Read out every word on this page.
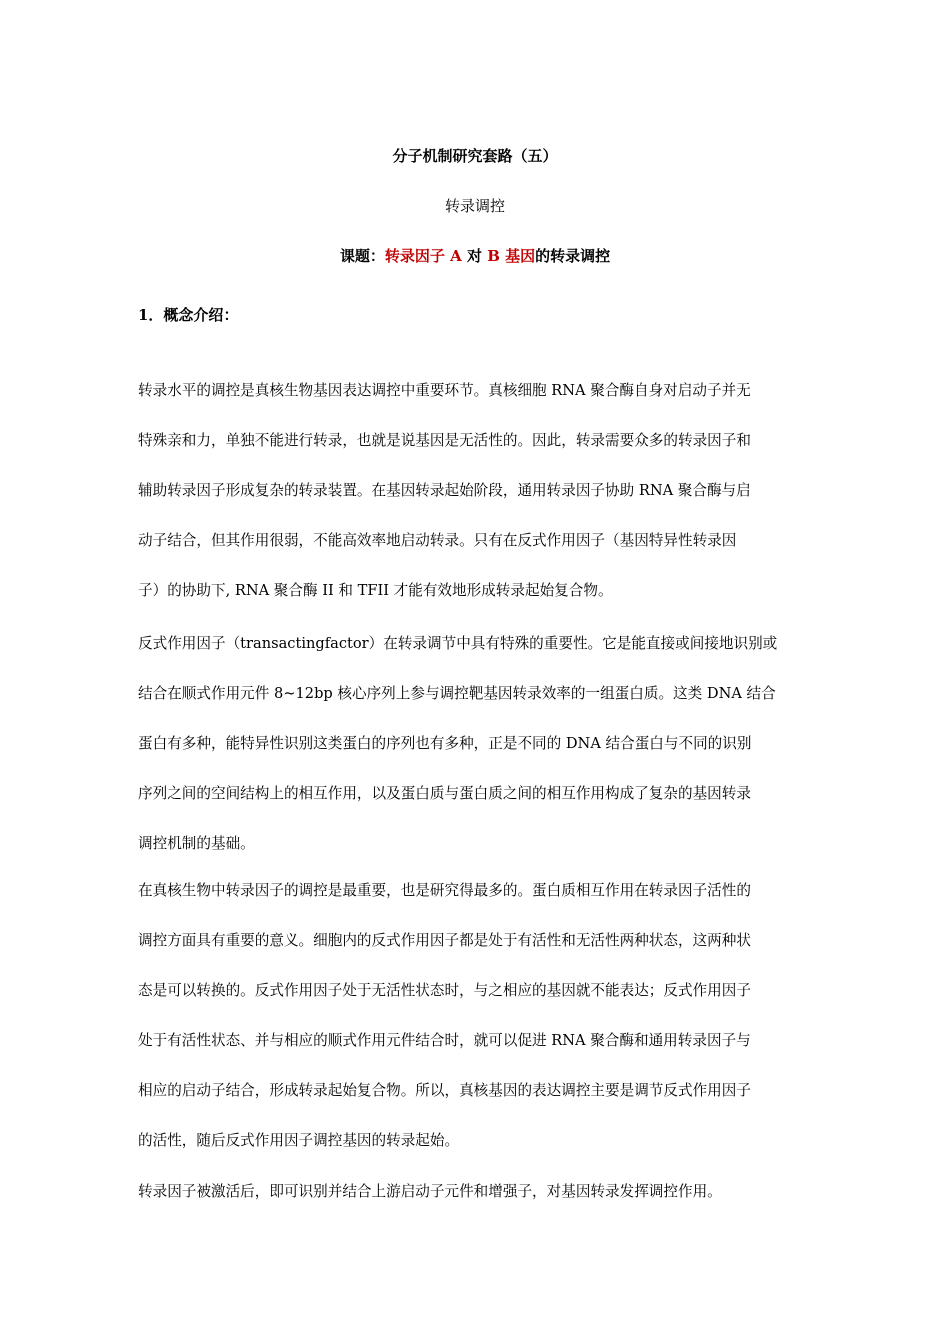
分子机制研究套路（五）
转录调控
课题：转录因子 A 对 B 基因的转录调控
1．概念介绍：
转录水平的调控是真核生物基因表达调控中重要环节。真核细胞 RNA 聚合酶自身对启动子并无
特殊亲和力，单独不能进行转录，也就是说基因是无活性的。因此，转录需要众多的转录因子和
辅助转录因子形成复杂的转录装置。在基因转录起始阶段，通用转录因子协助 RNA 聚合酶与启
动子结合，但其作用很弱，不能高效率地启动转录。只有在反式作用因子（基因特异性转录因
子）的协助下, RNA 聚合酶 II 和 TFII 才能有效地形成转录起始复合物。
反式作用因子（transactingfactor）在转录调节中具有特殊的重要性。它是能直接或间接地识别或
结合在顺式作用元件 8~12bp 核心序列上参与调控靶基因转录效率的一组蛋白质。这类 DNA 结合
蛋白有多种，能特异性识别这类蛋白的序列也有多种，正是不同的 DNA 结合蛋白与不同的识别
序列之间的空间结构上的相互作用，以及蛋白质与蛋白质之间的相互作用构成了复杂的基因转录
调控机制的基础。
在真核生物中转录因子的调控是最重要，也是研究得最多的。蛋白质相互作用在转录因子活性的
调控方面具有重要的意义。细胞内的反式作用因子都是处于有活性和无活性两种状态，这两种状
态是可以转换的。反式作用因子处于无活性状态时，与之相应的基因就不能表达；反式作用因子
处于有活性状态、并与相应的顺式作用元件结合时，就可以促进 RNA 聚合酶和通用转录因子与
相应的启动子结合，形成转录起始复合物。所以，真核基因的表达调控主要是调节反式作用因子
的活性，随后反式作用因子调控基因的转录起始。
转录因子被激活后，即可识别并结合上游启动子元件和增强子，对基因转录发挥调控作用。
